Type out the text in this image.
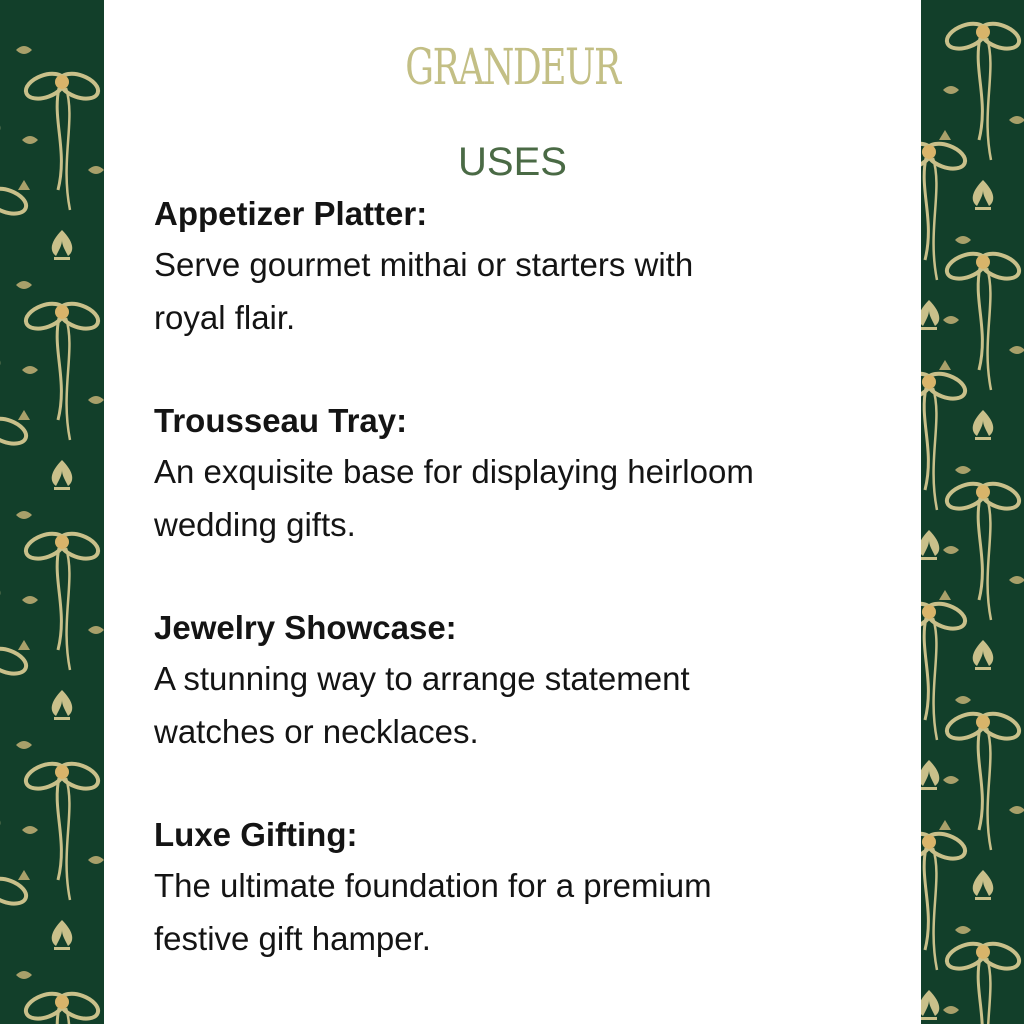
GRANDEUR
USES

Appetizer Platter:

Serve gourmet mithai or starters with

royal flair.

Trousseau Tray:

An exquisite base for displaying heirloom

wedding gifts.

Jewelry Showcase:

A stunning way to arrange statement

watches or necklaces.

Luxe Gifting:

The ultimate foundation for a premium

festive gift hamper.
